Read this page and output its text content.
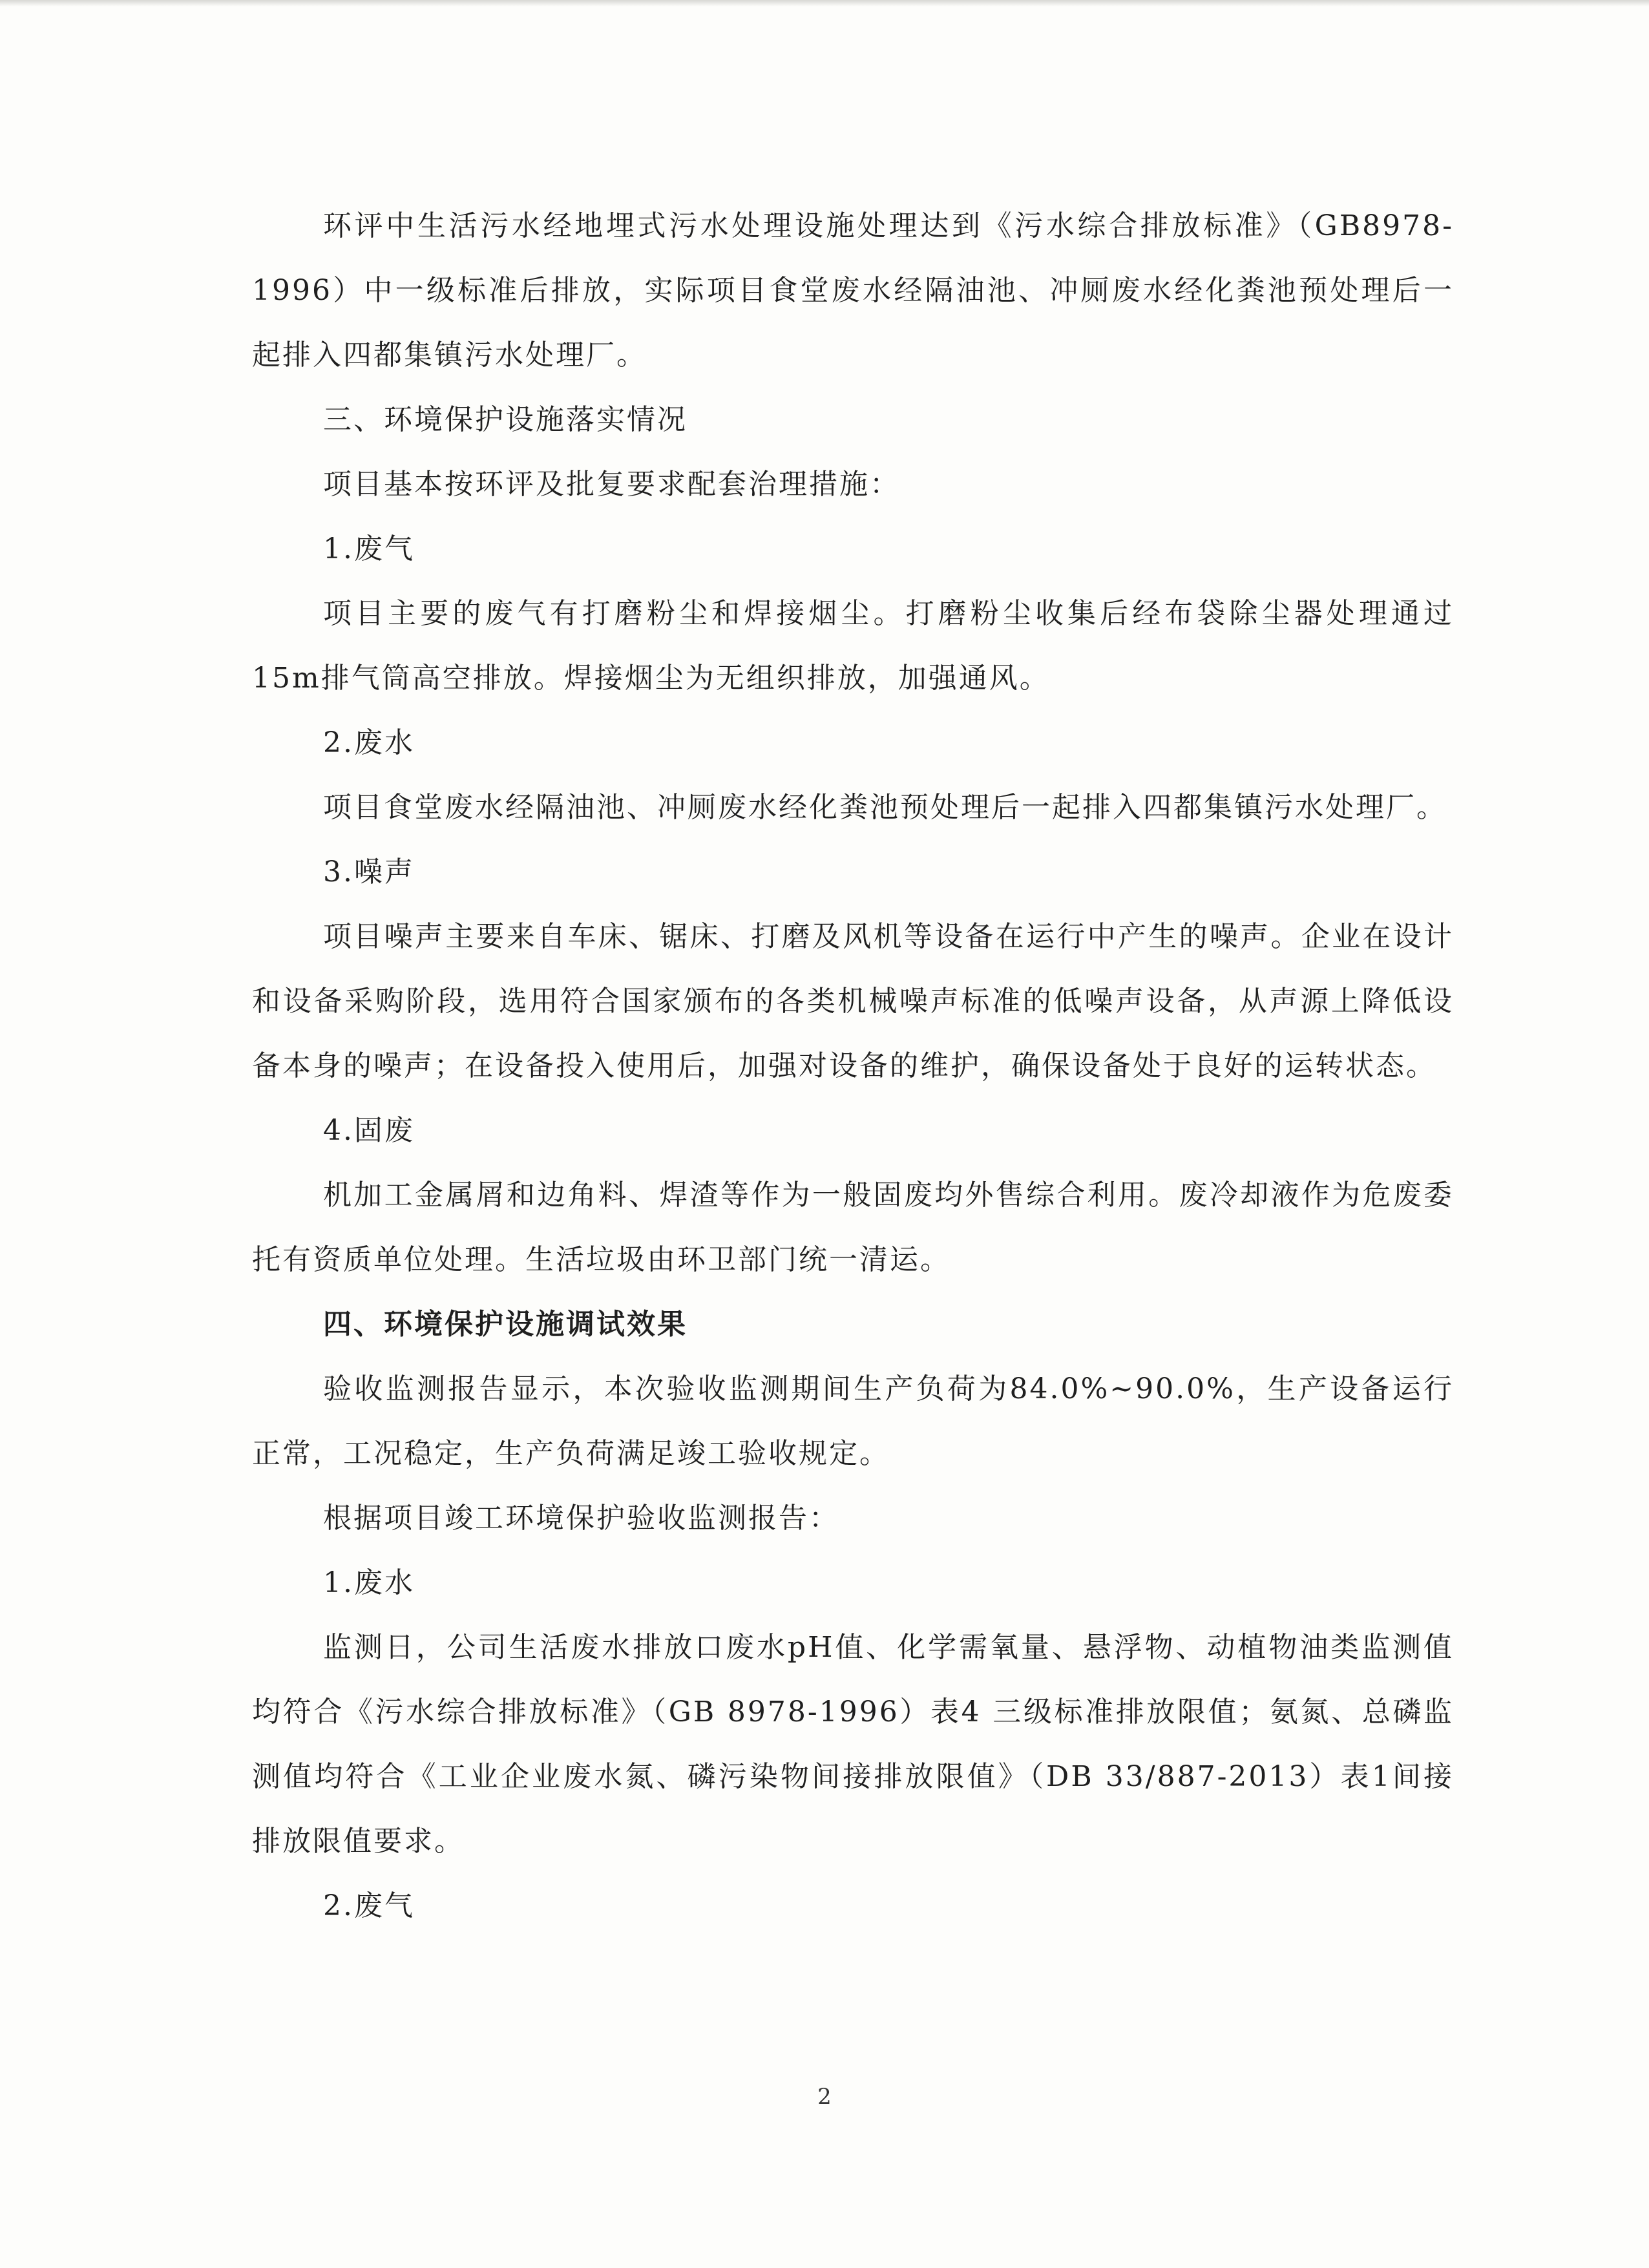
环评中生活污水经地埋式污水处理设施处理达到《污水综合排放标准》（GB8978-1996）中一级标准后排放，实际项目食堂废水经隔油池、冲厕废水经化粪池预处理后一起排入四都集镇污水处理厂。

三、环境保护设施落实情况

项目基本按环评及批复要求配套治理措施：

1.废气

项目主要的废气有打磨粉尘和焊接烟尘。打磨粉尘收集后经布袋除尘器处理通过15m排气筒高空排放。焊接烟尘为无组织排放，加强通风。

2.废水

项目食堂废水经隔油池、冲厕废水经化粪池预处理后一起排入四都集镇污水处理厂。

3.噪声

项目噪声主要来自车床、锯床、打磨及风机等设备在运行中产生的噪声。企业在设计和设备采购阶段，选用符合国家颁布的各类机械噪声标准的低噪声设备，从声源上降低设备本身的噪声；在设备投入使用后，加强对设备的维护，确保设备处于良好的运转状态。

4.固废

机加工金属屑和边角料、焊渣等作为一般固废均外售综合利用。废冷却液作为危废委托有资质单位处理。生活垃圾由环卫部门统一清运。

四、环境保护设施调试效果

验收监测报告显示，本次验收监测期间生产负荷为84.0%~90.0%，生产设备运行正常，工况稳定，生产负荷满足竣工验收规定。

根据项目竣工环境保护验收监测报告：

1.废水

监测日，公司生活废水排放口废水pH值、化学需氧量、悬浮物、动植物油类监测值均符合《污水综合排放标准》（GB 8978-1996）表4 三级标准排放限值；氨氮、总磷监测值均符合《工业企业废水氮、磷污染物间接排放限值》（DB 33/887-2013）表1间接排放限值要求。

2.废气

2
